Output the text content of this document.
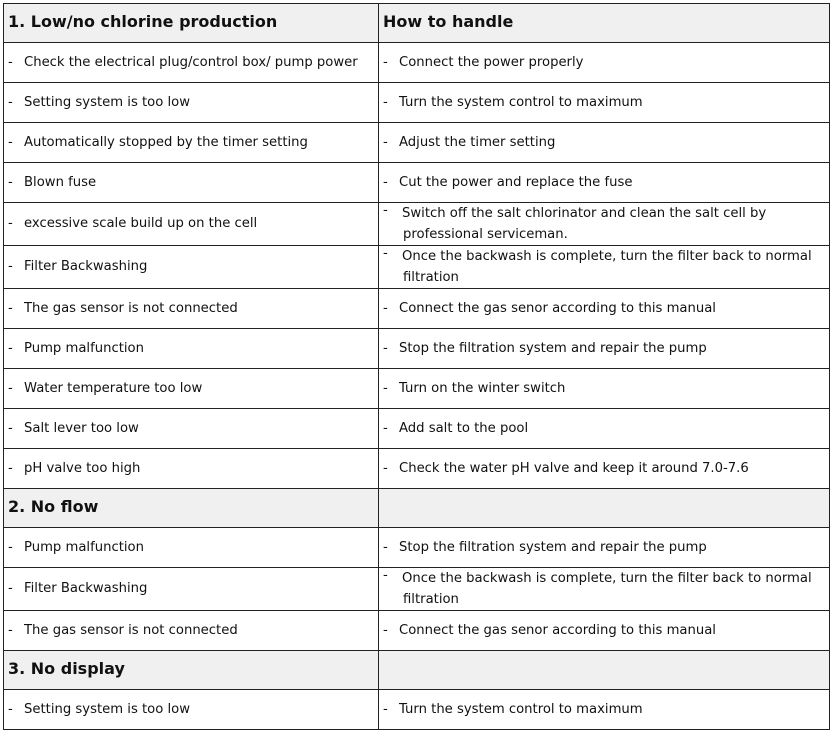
1. Low/no chlorine production	How to handle

- Check the electrical plug/control box/ pump power	- Connect the power properly

- Setting system is too low	- Turn the system control to maximum

- Automatically stopped by the timer setting	- Adjust the timer setting

- Blown fuse	- Cut the power and replace the fuse

- excessive scale build up on the cell	- Switch off the salt chlorinator and clean the salt cell by professional serviceman.

- Filter Backwashing	- Once the backwash is complete, turn the filter back to normal filtration

- The gas sensor is not connected	- Connect the gas senor according to this manual

- Pump malfunction	- Stop the filtration system and repair the pump

- Water temperature too low	- Turn on the winter switch

- Salt lever too low	- Add salt to the pool

- pH valve too high	- Check the water pH valve and keep it around 7.0-7.6

2. No flow	

- Pump malfunction	- Stop the filtration system and repair the pump

- Filter Backwashing	- Once the backwash is complete, turn the filter back to normal filtration

- The gas sensor is not connected	- Connect the gas senor according to this manual

3. No display	

- Setting system is too low	- Turn the system control to maximum
